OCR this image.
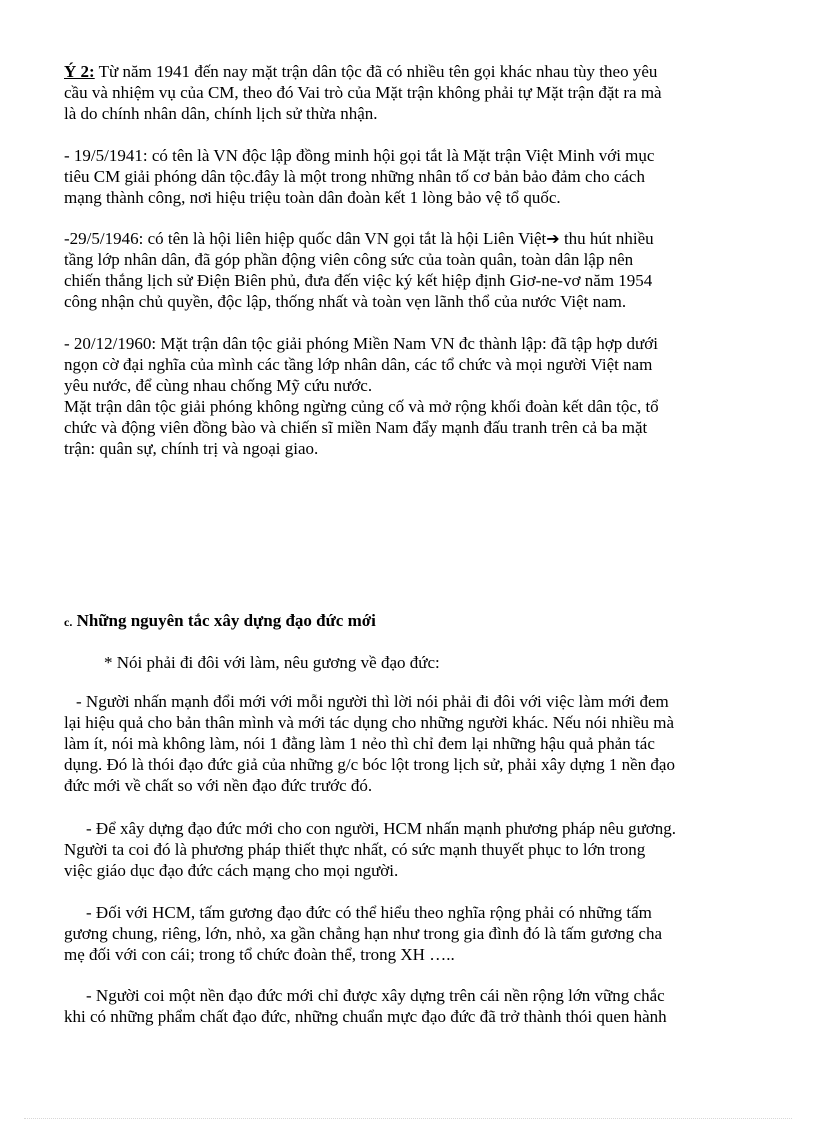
Ý 2: Từ năm 1941 đến nay mặt trận dân tộc đã có nhiều tên gọi khác nhau tùy theo yêu
cầu và nhiệm vụ của CM, theo đó Vai trò của Mặt trận không phải tự Mặt trận đặt ra mà
là do chính nhân dân, chính lịch sử thừa nhận.

- 19/5/1941: có tên là VN độc lập đồng minh hội gọi tắt là Mặt trận Việt Minh với mục
tiêu CM giải phóng dân tộc.đây là một trong những nhân tố cơ bản bảo đảm cho cách
mạng thành công, nơi hiệu triệu toàn dân đoàn kết 1 lòng bảo vệ tổ quốc.

-29/5/1946: có tên là hội liên hiệp quốc dân VN gọi tắt là hội Liên Việt➔ thu hút nhiều
tầng lớp nhân dân, đã góp phần động viên công sức của toàn quân, toàn dân lập nên
chiến thắng lịch sử Điện Biên phủ, đưa đến việc ký kết hiệp định Giơ-ne-vơ năm 1954
công nhận chủ quyền, độc lập, thống nhất và toàn vẹn lãnh thổ của nước Việt nam.

- 20/12/1960: Mặt trận dân tộc giải phóng Miền Nam VN đc thành lập: đã tập hợp dưới
ngọn cờ đại nghĩa của mình các tầng lớp nhân dân, các tổ chức và mọi người Việt nam
yêu nước, để cùng nhau chống Mỹ cứu nước.
Mặt trận dân tộc giải phóng không ngừng củng cố và mở rộng khối đoàn kết dân tộc, tổ
chức và động viên đồng bào và chiến sĩ miền Nam đẩy mạnh đấu tranh trên cả ba mặt
trận: quân sự, chính trị và ngoại giao.

c. Những nguyên tắc xây dựng đạo đức mới

* Nói phải đi đôi với làm, nêu gương về đạo đức:

- Người nhấn mạnh đổi mới với mỗi người thì lời nói phải đi đôi với việc làm mới đem
lại hiệu quả cho bản thân mình và mới tác dụng cho những người khác. Nếu nói nhiều mà
làm ít, nói mà không làm, nói 1 đằng làm 1 nẻo thì chỉ đem lại những hậu quả phản tác
dụng. Đó là thói đạo đức giả của những g/c bóc lột trong lịch sử, phải xây dựng 1 nền đạo
đức mới về chất so với nền đạo đức trước đó.

- Để xây dựng đạo đức mới cho con người, HCM nhấn mạnh phương pháp nêu gương.
Người ta coi đó là phương pháp thiết thực nhất, có sức mạnh thuyết phục to lớn trong
việc giáo dục đạo đức cách mạng cho mọi người.

- Đối với HCM, tấm gương đạo đức có thể hiểu theo nghĩa rộng phải có những tấm
gương chung, riêng, lớn, nhỏ, xa gần chẳng hạn như trong gia đình đó là tấm gương cha
mẹ đối với con cái; trong tổ chức đoàn thể, trong XH …..

- Người coi một nền đạo đức mới chỉ được xây dựng trên cái nền rộng lớn vững chắc
khi có những phẩm chất đạo đức, những chuẩn mực đạo đức đã trở thành thói quen hành
